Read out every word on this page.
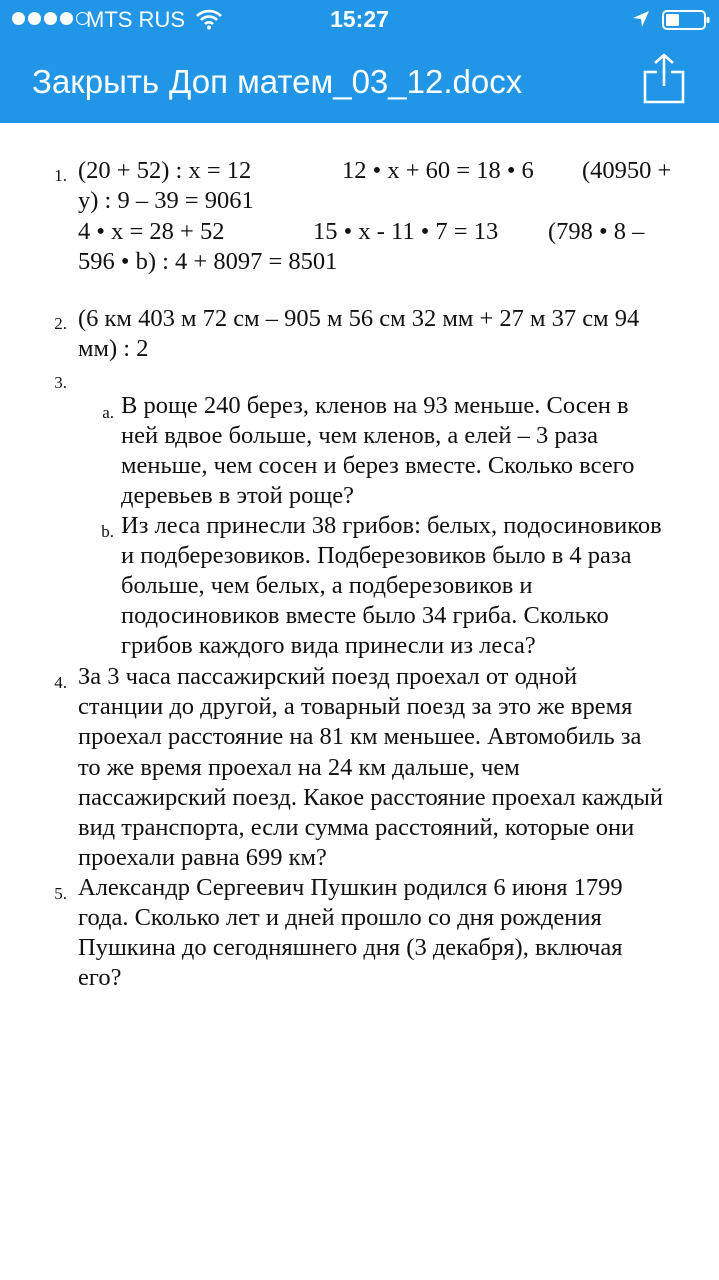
MTS RUS	15:27
Закрыть Доп матем_03_12.docx
1. (20 + 52) : x = 12	12 • x + 60 = 18 • 6 (40950 +
y) : 9 – 39 = 9061
4 • x = 28 + 52	15 • x - 11 • 7 = 13 (798 • 8 –
596 • b) : 4 + 8097 = 8501
2. (6 км 403 м 72 см – 905 м 56 см 32 мм + 27 м 37 см 94
мм) : 2
3.
a. В роще 240 берез, кленов на 93 меньше. Сосен в
ней вдвое больше, чем кленов, а елей – 3 раза
меньше, чем сосен и берез вместе. Сколько всего
деревьев в этой роще?
b. Из леса принесли 38 грибов: белых, подосиновиков
и подберезовиков. Подберезовиков было в 4 раза
больше, чем белых, а подберезовиков и
подосиновиков вместе было 34 гриба. Сколько
грибов каждого вида принесли из леса?
4. За 3 часа пассажирский поезд проехал от одной
станции до другой, а товарный поезд за это же время
проехал расстояние на 81 км меньшее. Автомобиль за
то же время проехал на 24 км дальше, чем
пассажирский поезд. Какое расстояние проехал каждый
вид транспорта, если сумма расстояний, которые они
проехали равна 699 км?
5. Александр Сергеевич Пушкин родился 6 июня 1799
года. Сколько лет и дней прошло со дня рождения
Пушкина до сегодняшнего дня (3 декабря), включая
его?
